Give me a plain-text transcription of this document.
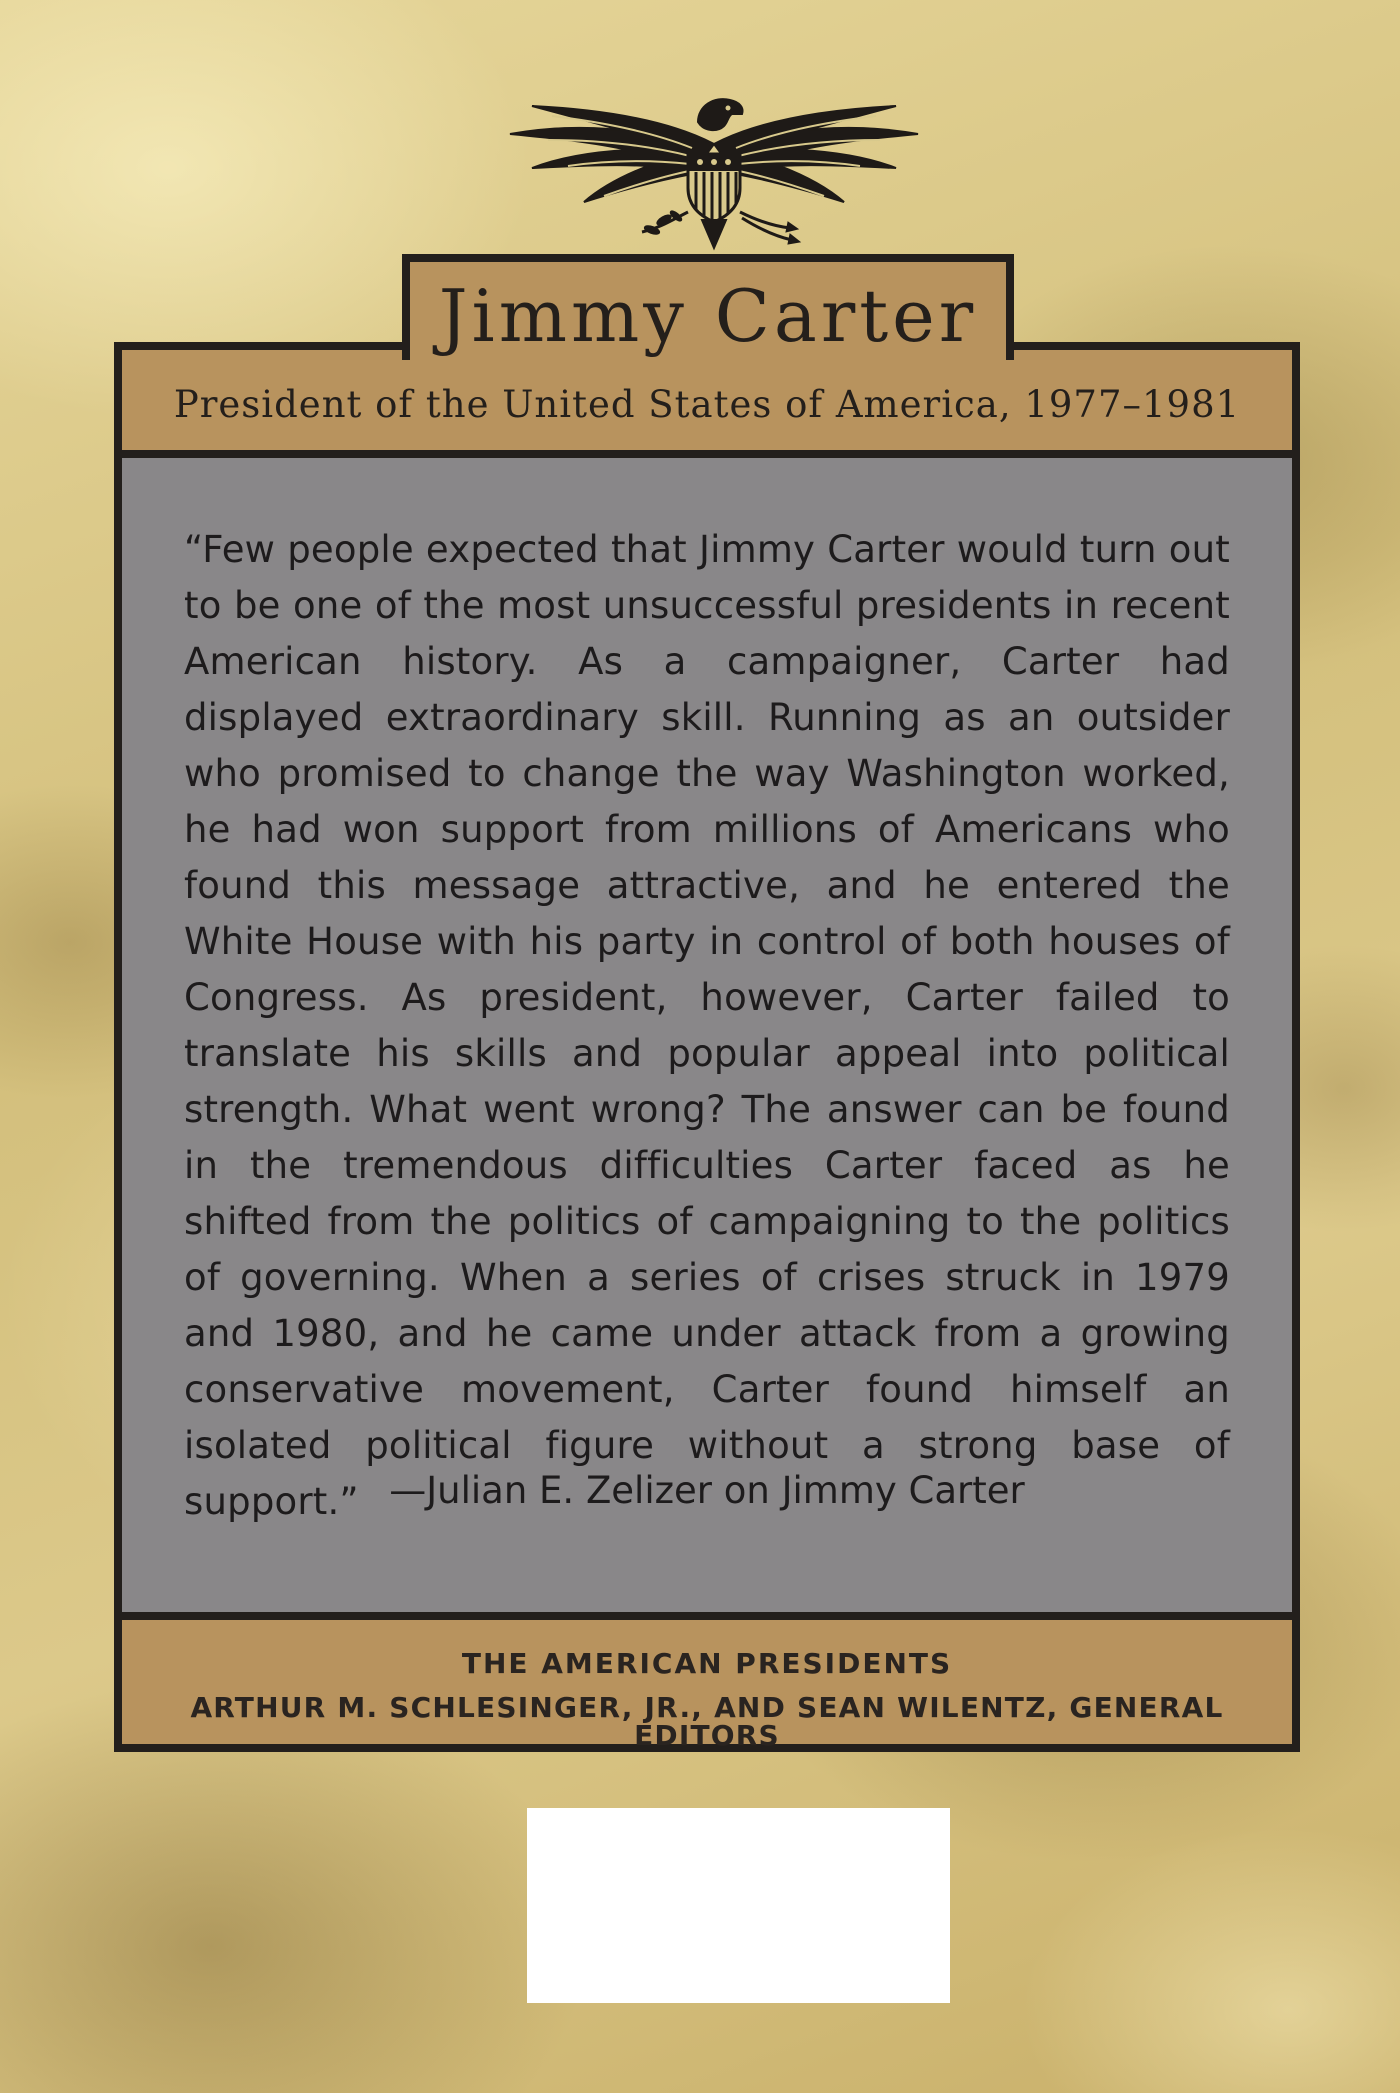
Jimmy Carter
President of the United States of America, 1977–1981

“Few people expected that Jimmy Carter would turn out to be one of the most unsuccessful presidents in recent American history. As a campaigner, Carter had displayed extraordinary skill. Running as an outsider who promised to change the way Washington worked, he had won support from millions of Americans who found this message attractive, and he entered the White House with his party in control of both houses of Congress. As president, however, Carter failed to translate his skills and popular appeal into political strength. What went wrong? The answer can be found in the tremendous difficulties Carter faced as he shifted from the politics of campaigning to the politics of governing. When a series of crises struck in 1979 and 1980, and he came under attack from a growing conservative movement, Carter found himself an isolated political figure without a strong base of support.” —Julian E. Zelizer on Jimmy Carter
THE AMERICAN PRESIDENTS
ARTHUR M. SCHLESINGER, JR., AND SEAN WILENTZ, GENERAL EDITORS
